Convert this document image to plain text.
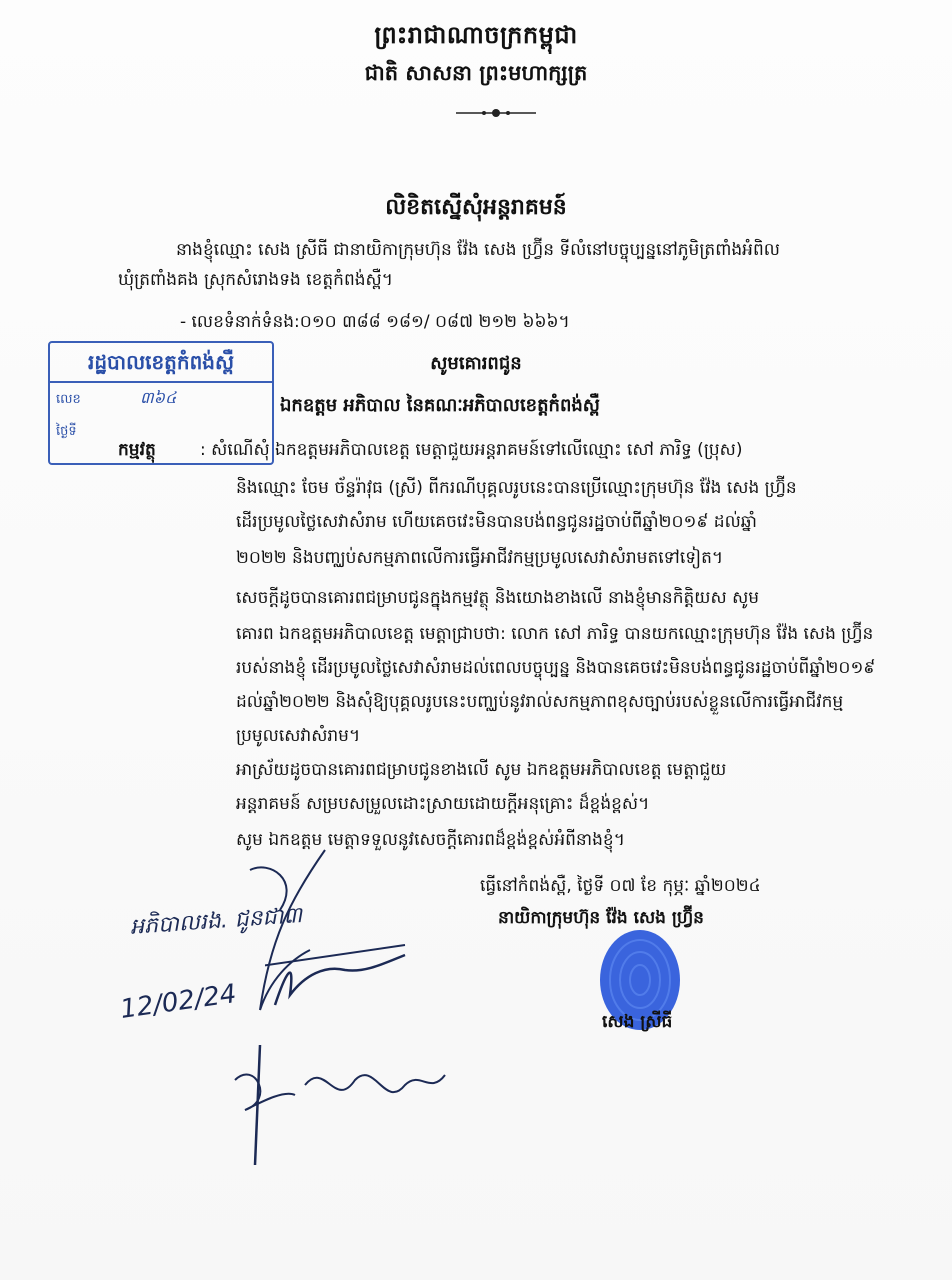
ព្រះរាជាណាចក្រកម្ពុជា
ជាតិ សាសនា ព្រះមហាក្សត្រ
លិខិតស្នើសុំអន្តរាគមន៍
នាងខ្ញុំឈ្មោះ សេង ស្រីធី ជានាយិកាក្រុមហ៊ុន វ៉ែង សេង ហ្វ្រ៊ីន ទីលំនៅបច្ចុប្បន្ននៅភូមិត្រពាំងអំពិល
ឃុំត្រពាំងគង ស្រុកសំរោងទង ខេត្តកំពង់ស្ពឺ។
- លេខទំនាក់ទំនង:០១០ ៣៨៨ ១៨១/ ០៨៧ ២១២ ៦៦៦។
រដ្ឋបាលខេត្តកំពង់ស្ពឺ
លេខ	៣៦៤
ថ្ងៃទី
សូមគោរពជូន
ឯកឧត្តម អភិបាល នៃគណៈអភិបាលខេត្តកំពង់ស្ពឺ
កម្មវត្ថុ	: សំណើសុំ ឯកឧត្តមអភិបាលខេត្ត មេត្តាជួយអន្តរាគមន៍ទៅលើឈ្មោះ សៅ ភារិទ្ធ (ប្រុស)
និងឈ្មោះ ចែម ច័ន្ទរ៉ាវុធ (ស្រី) ពីករណីបុគ្គលរូបនេះបានប្រើឈ្មោះក្រុមហ៊ុន វ៉ែង សេង ហ្វ្រ៊ីន
ដើរប្រមូលថ្លៃសេវាសំរាម ហើយគេចវេះមិនបានបង់ពន្ធជូនរដ្ឋចាប់ពីឆ្នាំ២០១៩ ដល់ឆ្នាំ
២០២២ និងបញ្ឈប់សកម្មភាពលើការធ្វើអាជីវកម្មប្រមូលសេវាសំរាមតទៅទៀត។
សេចក្ដីដូចបានគោរពជម្រាបជូនក្នុងកម្មវត្ថុ និងយោងខាងលើ នាងខ្ញុំមានកិត្តិយស សូម
គោរព ឯកឧត្តមអភិបាលខេត្ត មេត្តាជ្រាបថា: លោក សៅ ភារិទ្ធ បានយកឈ្មោះក្រុមហ៊ុន វ៉ែង សេង ហ្វ្រ៊ីន
របស់នាងខ្ញុំ ដើរប្រមូលថ្លៃសេវាសំរាមដល់ពេលបច្ចុប្បន្ន និងបានគេចវេះមិនបង់ពន្ធជូនរដ្ឋចាប់ពីឆ្នាំ២០១៩
ដល់ឆ្នាំ២០២២ និងសុំឱ្យបុគ្គលរូបនេះបញ្ឈប់នូវរាល់សកម្មភាពខុសច្បាប់របស់ខ្លួនលើការធ្វើអាជីវកម្ម
ប្រមូលសេវាសំរាម។
អាស្រ័យដូចបានគោរពជម្រាបជូនខាងលើ សូម ឯកឧត្តមអភិបាលខេត្ត មេត្តាជួយ
អន្តរាគមន៍ សម្របសម្រួលដោះស្រាយដោយក្ដីអនុគ្រោះ ដ៏ខ្ពង់ខ្ពស់។
សូម ឯកឧត្តម មេត្តាទទួលនូវសេចក្ដីគោរពដ៏ខ្ពង់ខ្ពស់អំពីនាងខ្ញុំ។
ធ្វើនៅកំពង់ស្ពឺ, ថ្ងៃទី ០៧ ខែ កុម្ភៈ ឆ្នាំ២០២៤
នាយិកាក្រុមហ៊ុន វ៉ែង សេង ហ្វ្រ៊ីន
សេង ស្រីធី
អភិបាលរង. ជូនជា៣
12/02/24
